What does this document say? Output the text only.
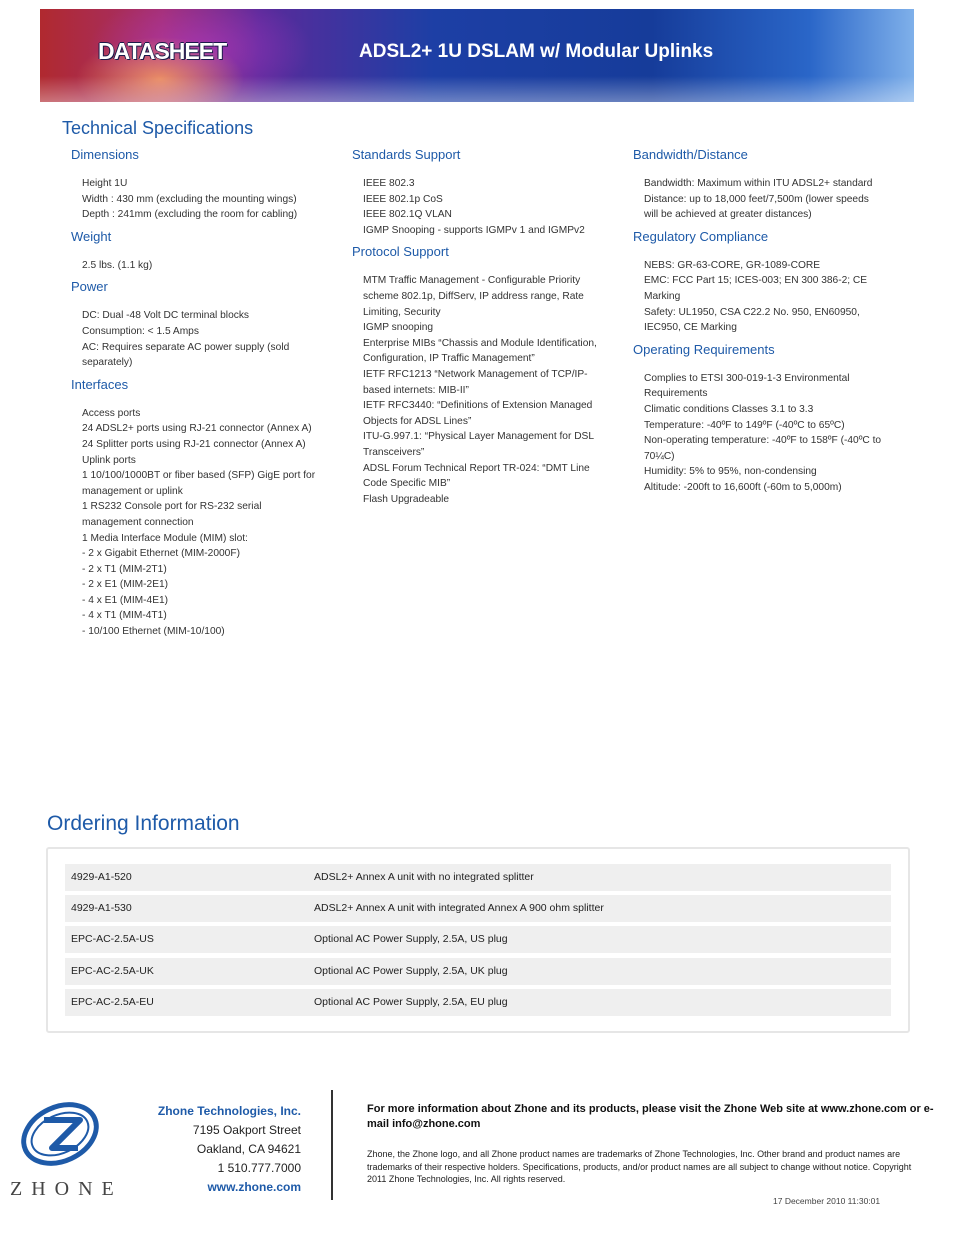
DATASHEET	ADSL2+ 1U DSLAM w/ Modular Uplinks
Technical Specifications
Dimensions
Height 1U
Width : 430 mm (excluding the mounting wings)
Depth : 241mm (excluding the room for cabling)
Weight
2.5 lbs. (1.1 kg)
Power
DC: Dual -48 Volt DC terminal blocks
Consumption: < 1.5 Amps
AC: Requires separate AC power supply (sold separately)
Interfaces
Access ports
24 ADSL2+ ports using RJ-21 connector (Annex A)
24 Splitter ports using RJ-21 connector (Annex A)
Uplink ports
1 10/100/1000BT or fiber based (SFP) GigE port for management or uplink
1 RS232 Console port for RS-232 serial management connection
1 Media Interface Module (MIM) slot:
- 2 x Gigabit Ethernet (MIM-2000F)
- 2 x T1 (MIM-2T1)
- 2 x E1 (MIM-2E1)
- 4 x E1 (MIM-4E1)
- 4 x T1 (MIM-4T1)
- 10/100 Ethernet (MIM-10/100)
Standards Support
IEEE 802.3
IEEE 802.1p CoS
IEEE 802.1Q VLAN
IGMP Snooping - supports IGMPv 1 and IGMPv2
Protocol Support
MTM Traffic Management - Configurable Priority scheme 802.1p, DiffServ, IP address range, Rate Limiting, Security
IGMP snooping
Enterprise MIBs “Chassis and Module Identification, Configuration, IP Traffic Management”
IETF RFC1213 “Network Management of TCP/IP-based internets: MIB-II”
IETF RFC3440: “Definitions of Extension Managed Objects for ADSL Lines”
ITU-G.997.1: “Physical Layer Management for DSL Transceivers”
ADSL Forum Technical Report TR-024: “DMT Line Code Specific MIB”
Flash Upgradeable
Bandwidth/Distance
Bandwidth: Maximum within ITU ADSL2+ standard
Distance: up to 18,000 feet/7,500m (lower speeds will be achieved at greater distances)
Regulatory Compliance
NEBS: GR-63-CORE, GR-1089-CORE
EMC: FCC Part 15; ICES-003; EN 300 386-2; CE Marking
Safety: UL1950, CSA C22.2 No. 950, EN60950, IEC950, CE Marking
Operating Requirements
Complies to ETSI 300-019-1-3 Environmental Requirements
Climatic conditions Classes 3.1 to 3.3
Temperature: -40ºF to 149ºF (-40ºC to 65ºC)
Non-operating temperature: -40ºF to 158ºF (-40ºC to 70¼C)
Humidity: 5% to 95%, non-condensing
Altitude: -200ft to 16,600ft (-60m to 5,000m)
Ordering Information
4929-A1-520	ADSL2+ Annex A unit with no integrated splitter
4929-A1-530	ADSL2+ Annex A unit with integrated Annex A 900 ohm splitter
EPC-AC-2.5A-US	Optional AC Power Supply, 2.5A, US plug
EPC-AC-2.5A-UK	Optional AC Power Supply, 2.5A, UK plug
EPC-AC-2.5A-EU	Optional AC Power Supply, 2.5A, EU plug
ZHONE
Zhone Technologies, Inc.
7195 Oakport Street
Oakland, CA 94621
1 510.777.7000
www.zhone.com
For more information about Zhone and its products, please visit the Zhone Web site at www.zhone.com or e-mail info@zhone.com
Zhone, the Zhone logo, and all Zhone product names are trademarks of Zhone Technologies, Inc. Other brand and product names are trademarks of their respective holders. Specifications, products, and/or product names are all subject to change without notice. Copyright 2011 Zhone Technologies, Inc. All rights reserved.
17 December 2010 11:30:01
